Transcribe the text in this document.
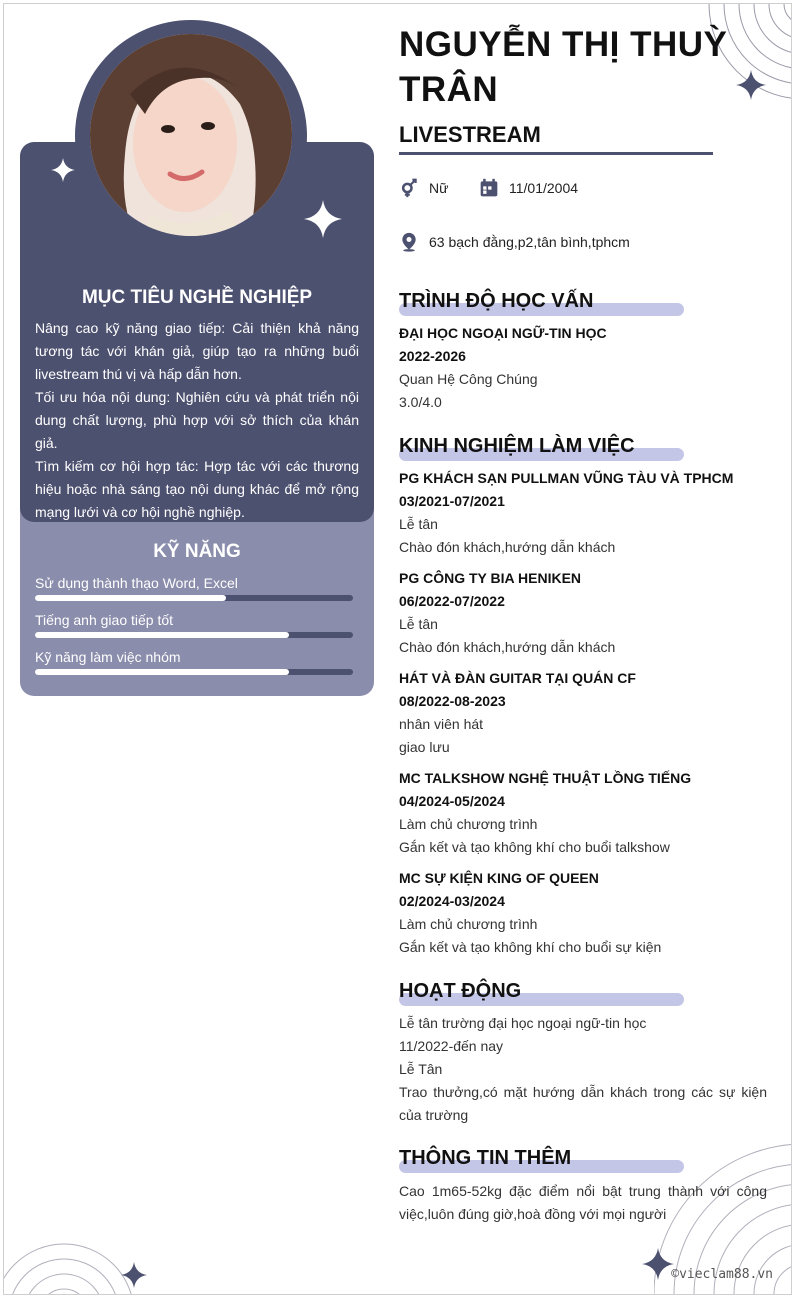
MỤC TIÊU NGHỀ NGHIỆP

Nâng cao kỹ năng giao tiếp: Cải thiện khả năng tương tác với khán giả, giúp tạo ra những buổi livestream thú vị và hấp dẫn hơn.

Tối ưu hóa nội dung: Nghiên cứu và phát triển nội dung chất lượng, phù hợp với sở thích của khán giả.

Tìm kiếm cơ hội hợp tác: Hợp tác với các thương hiệu hoặc nhà sáng tạo nội dung khác để mở rộng mạng lưới và cơ hội nghề nghiệp.

KỸ NĂNG
Sử dụng thành thạo Word, Excel
Tiếng anh giao tiếp tốt
Kỹ năng làm việc nhóm
NGUYỄN THỊ THUỲ TRÂN
LIVESTREAM
Nữ	11/01/2004
63 bạch đằng,p2,tân bình,tphcm
TRÌNH ĐỘ HỌC VẤN
ĐẠI HỌC NGOẠI NGỮ-TIN HỌC
2022-2026
Quan Hệ Công Chúng
3.0/4.0
KINH NGHIỆM LÀM VIỆC
PG KHÁCH SẠN PULLMAN VŨNG TÀU VÀ TPHCM
03/2021-07/2021
Lễ tân
Chào đón khách,hướng dẫn khách
PG CÔNG TY BIA HENIKEN
06/2022-07/2022
Lễ tân
Chào đón khách,hướng dẫn khách
HÁT VÀ ĐÀN GUITAR TẠI QUÁN CF
08/2022-08-2023
nhân viên hát
giao lưu
MC TALKSHOW NGHỆ THUẬT LỒNG TIẾNG
04/2024-05/2024
Làm chủ chương trình
Gắn kết và tạo không khí cho buổi talkshow
MC SỰ KIỆN KING OF QUEEN
02/2024-03/2024
Làm chủ chương trình
Gắn kết và tạo không khí cho buổi sự kiện
HOẠT ĐỘNG
Lễ tân trường đại học ngoại ngữ-tin học
11/2022-đến nay
Lễ Tân
Trao thưởng,có mặt hướng dẫn khách trong các sự kiện của trường
THÔNG TIN THÊM
Cao 1m65-52kg đặc điểm nổi bật trung thành với công việc,luôn đúng giờ,hoà đồng với mọi người
©vieclam88.vn
